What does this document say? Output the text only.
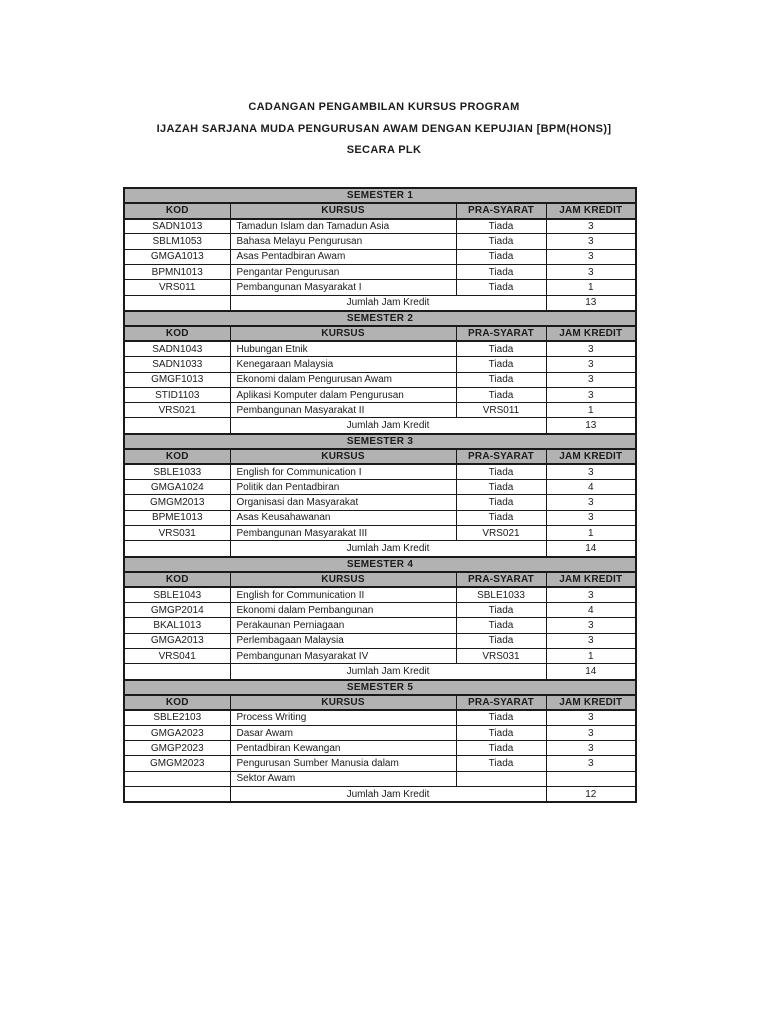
CADANGAN PENGAMBILAN KURSUS PROGRAM
IJAZAH SARJANA MUDA PENGURUSAN AWAM DENGAN KEPUJIAN [BPM(HONS)]
SECARA PLK
SEMESTER 1			
KOD	KURSUS	PRA-SYARAT	JAM KREDIT
SADN1013	Tamadun Islam dan Tamadun Asia	Tiada	3
SBLM1053	Bahasa Melayu Pengurusan	Tiada	3
GMGA1013	Asas Pentadbiran Awam	Tiada	3
BPMN1013	Pengantar Pengurusan	Tiada	3
VRS011	Pembangunan Masyarakat I	Tiada	1
	Jumlah Jam Kredit		13
SEMESTER 2			
KOD	KURSUS	PRA-SYARAT	JAM KREDIT
SADN1043	Hubungan Etnik	Tiada	3
SADN1033	Kenegaraan Malaysia	Tiada	3
GMGF1013	Ekonomi dalam Pengurusan Awam	Tiada	3
STID1103	Aplikasi Komputer dalam Pengurusan	Tiada	3
VRS021	Pembangunan Masyarakat II	VRS011	1
	Jumlah Jam Kredit		13
SEMESTER 3			
KOD	KURSUS	PRA-SYARAT	JAM KREDIT
SBLE1033	English for Communication I	Tiada	3
GMGA1024	Politik dan Pentadbiran	Tiada	4
GMGM2013	Organisasi dan Masyarakat	Tiada	3
BPME1013	Asas Keusahawanan	Tiada	3
VRS031	Pembangunan Masyarakat III	VRS021	1
	Jumlah Jam Kredit		14
SEMESTER 4			
KOD	KURSUS	PRA-SYARAT	JAM KREDIT
SBLE1043	English for Communication II	SBLE1033	3
GMGP2014	Ekonomi dalam Pembangunan	Tiada	4
BKAL1013	Perakaunan Perniagaan	Tiada	3
GMGA2013	Perlembagaan Malaysia	Tiada	3
VRS041	Pembangunan Masyarakat IV	VRS031	1
	Jumlah Jam Kredit		14
SEMESTER 5			
KOD	KURSUS	PRA-SYARAT	JAM KREDIT
SBLE2103	Process Writing	Tiada	3
GMGA2023	Dasar Awam	Tiada	3
GMGP2023	Pentadbiran Kewangan	Tiada	3
GMGM2023	Pengurusan Sumber Manusia dalam	Tiada	3
	Sektor Awam		
	Jumlah Jam Kredit		12
